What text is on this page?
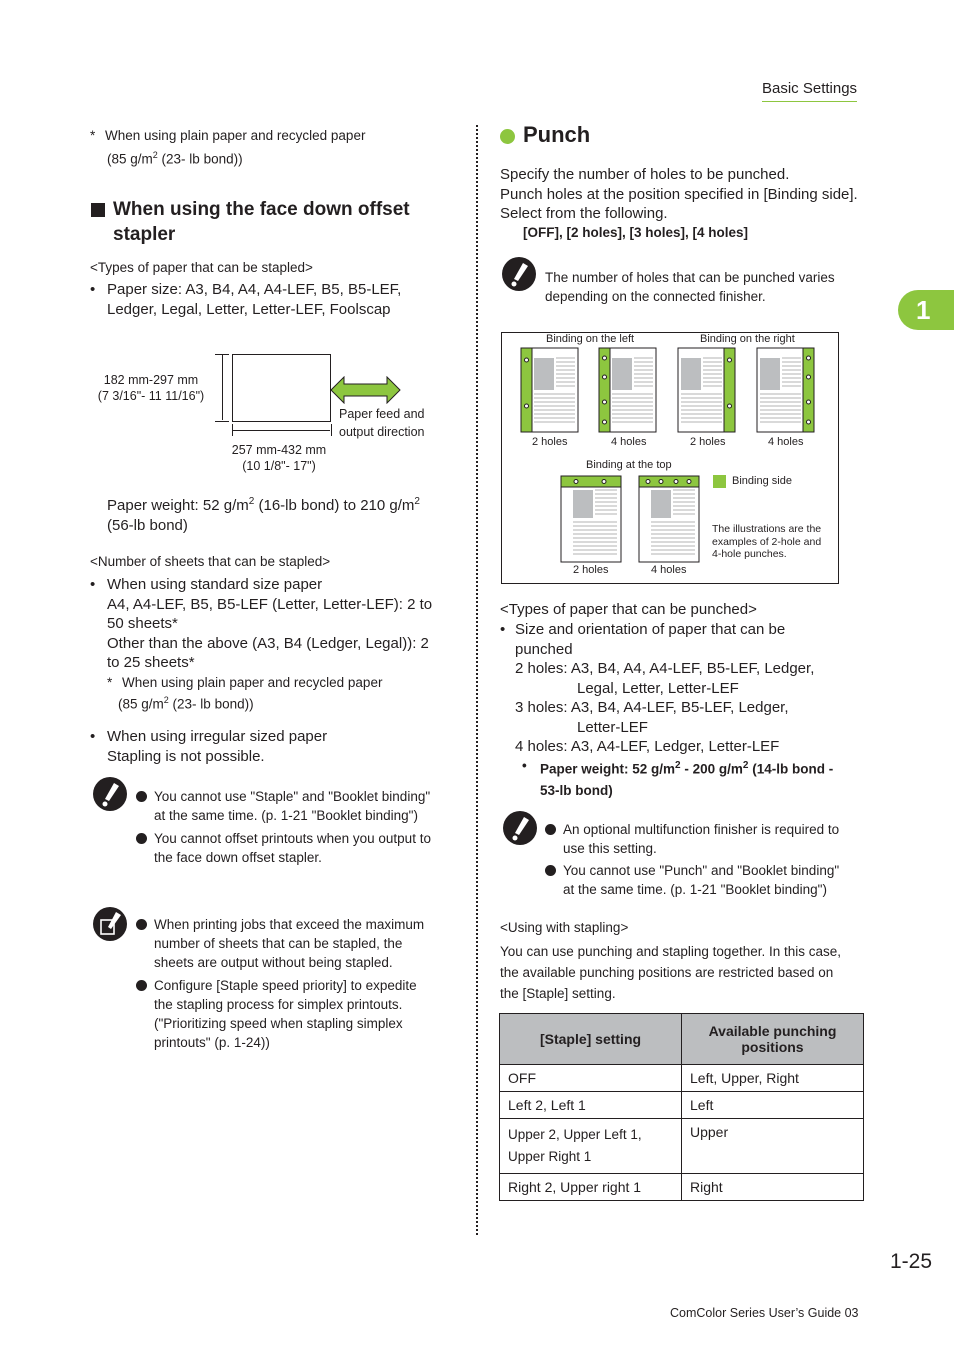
Basic Settings
1
* When using plain paper and recycled paper
(85 $g/m^2$ (23- lb bond))
When using the face down offset
stapler
<Types of paper that can be stapled>
• Paper size: A3, B4, A4, A4-LEF, B5, B5-LEF,
Ledger, Legal, Letter, Letter-LEF, Foolscap
182 mm-297 mm
(7 3/16"- 11 11/16")
257 mm-432 mm
(10 1/8"- 17")
Paper feed and
output direction
Paper weight: 52 $g/m^2$ (16-lb bond) to 210 $g/m^2$
(56-lb bond)
<Number of sheets that can be stapled>
• When using standard size paper
A4, A4-LEF, B5, B5-LEF (Letter, Letter-LEF): 2 to
50 sheets*
Other than the above (A3, B4 (Ledger, Legal)): 2
to 25 sheets*
* When using plain paper and recycled paper
(85 $g/m^2$ (23- lb bond))
• When using irregular sized paper
Stapling is not possible.
You cannot use "Staple" and "Booklet binding"
at the same time. (p. 1-21 "Booklet binding")
You cannot offset printouts when you output to
the face down offset stapler.
When printing jobs that exceed the maximum
number of sheets that can be stapled, the
sheets are output without being stapled.
Configure [Staple speed priority] to expedite
the stapling process for simplex printouts.
("Prioritizing speed when stapling simplex
printouts" (p. 1-24))
Punch
Specify the number of holes to be punched.
Punch holes at the position specified in [Binding side].
Select from the following.
[OFF], [2 holes], [3 holes], [4 holes]
The number of holes that can be punched varies
depending on the connected finisher.
Binding on the left	Binding on the right
Binding at the top
2 holes	4 holes	2 holes	4 holes
2 holes	4 holes
Binding side
The illustrations are the
examples of 2-hole and
4-hole punches.
<Types of paper that can be punched>
• Size and orientation of paper that can be
punched
2 holes: A3, B4, A4, A4-LEF, B5-LEF, Ledger,
Legal, Letter, Letter-LEF
3 holes: A3, B4, A4-LEF, B5-LEF, Ledger,
Letter-LEF
4 holes: A3, A4-LEF, Ledger, Letter-LEF
• Paper weight: 52 $g/m^2 - 200$ $g/m^2$ (14-lb bond -
53-lb bond)
An optional multifunction finisher is required to
use this setting.
You cannot use "Punch" and "Booklet binding"
at the same time. (p. 1-21 "Booklet binding")
<Using with stapling>
You can use punching and stapling together. In this case,
the available punching positions are restricted based on
the [Staple] setting.
[Staple] setting	Available punching positions
OFF	Left, Upper, Right
Left 2, Left 1	Left
Upper 2, Upper Left 1, Upper Right 1	Upper
Right 2, Upper right 1	Right
1-25
ComColor Series User’s Guide 03
